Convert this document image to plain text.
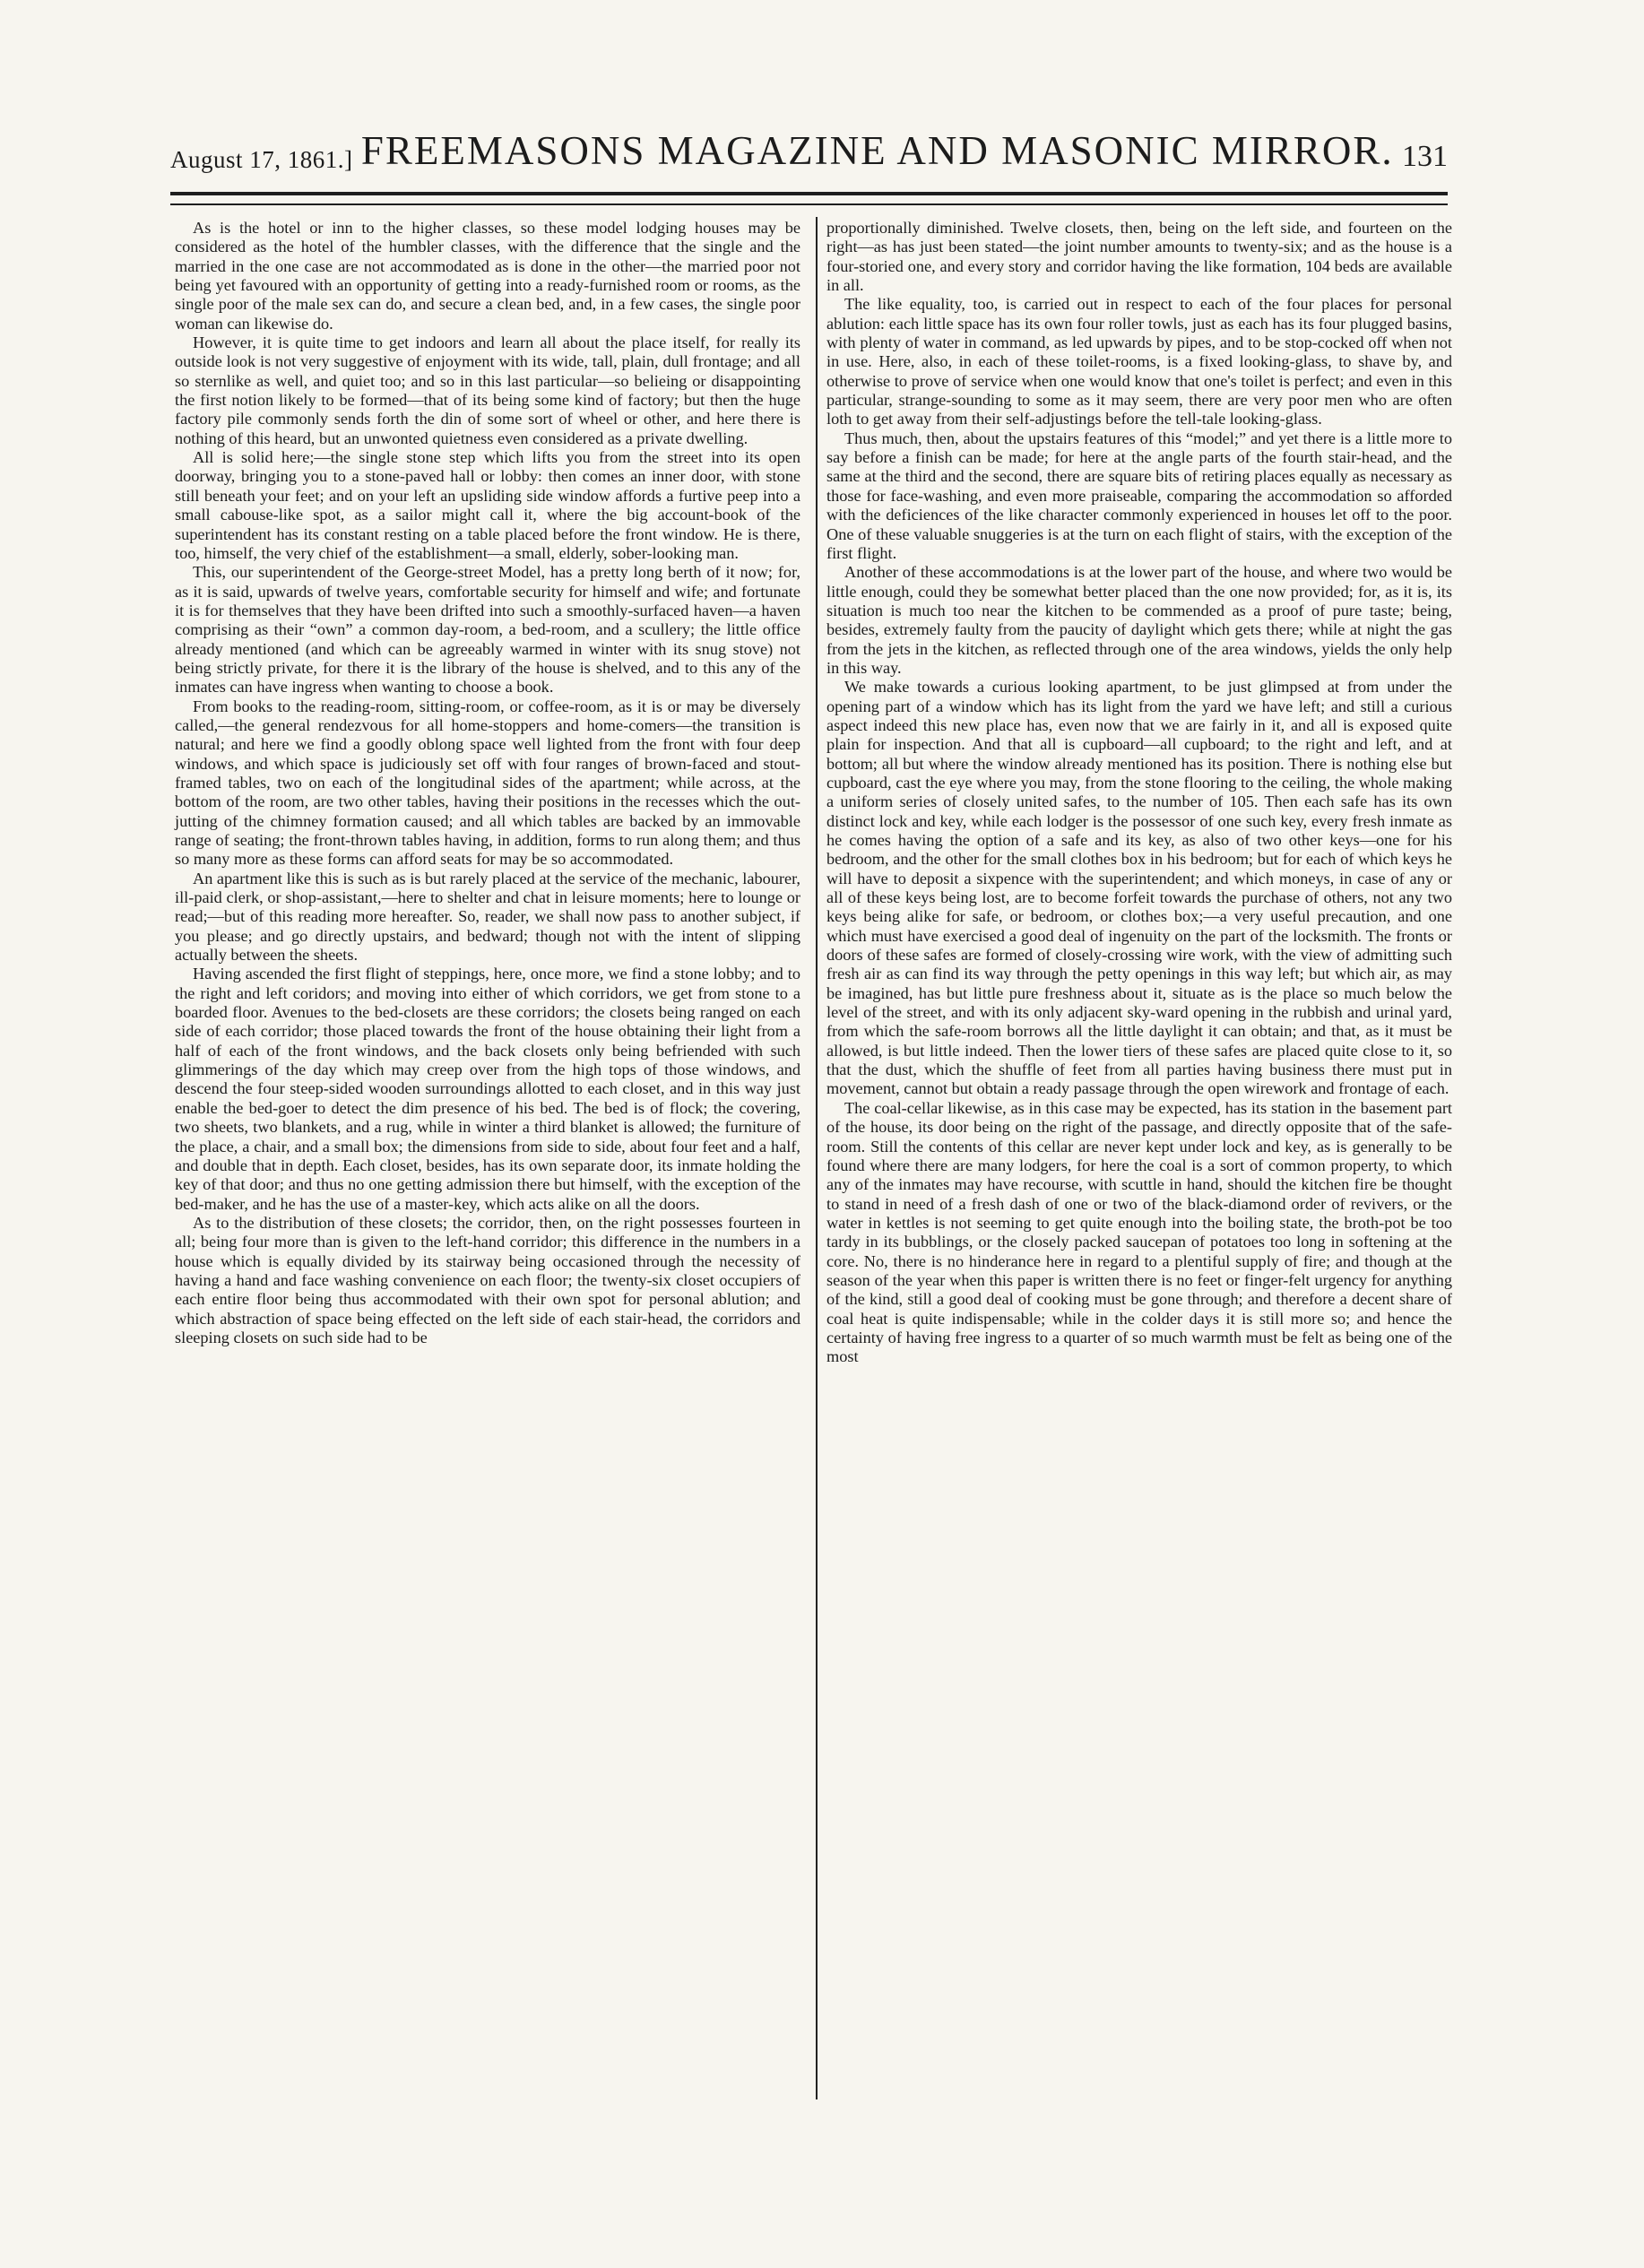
August 17, 1861.] FREEMASONS MAGAZINE AND MASONIC MIRROR. 131

As is the hotel or inn to the higher classes, so these model lodging houses may be considered as the hotel of the humbler classes, with the difference that the single and the married in the one case are not accommodated as is done in the other—the married poor not being yet favoured with an opportunity of getting into a ready-furnished room or rooms, as the single poor of the male sex can do, and secure a clean bed, and, in a few cases, the single poor woman can likewise do.

However, it is quite time to get indoors and learn all about the place itself, for really its outside look is not very suggestive of enjoyment with its wide, tall, plain, dull frontage; and all so sternlike as well, and quiet too; and so in this last particular—so belieing or disappointing the first notion likely to be formed—that of its being some kind of factory; but then the huge factory pile commonly sends forth the din of some sort of wheel or other, and here there is nothing of this heard, but an unwonted quietness even considered as a private dwelling.

All is solid here;—the single stone step which lifts you from the street into its open doorway, bringing you to a stone-paved hall or lobby: then comes an inner door, with stone still beneath your feet; and on your left an upsliding side window affords a furtive peep into a small cabouse-like spot, as a sailor might call it, where the big account-book of the superintendent has its constant resting on a table placed before the front window. He is there, too, himself, the very chief of the establishment—a small, elderly, sober-looking man.

This, our superintendent of the George-street Model, has a pretty long berth of it now; for, as it is said, upwards of twelve years, comfortable security for himself and wife; and fortunate it is for themselves that they have been drifted into such a smoothly-surfaced haven—a haven comprising as their “own” a common day-room, a bed-room, and a scullery; the little office already mentioned (and which can be agreeably warmed in winter with its snug stove) not being strictly private, for there it is the library of the house is shelved, and to this any of the inmates can have ingress when wanting to choose a book.

From books to the reading-room, sitting-room, or coffee-room, as it is or may be diversely called,—the general rendezvous for all home-stoppers and home-comers—the transition is natural; and here we find a goodly oblong space well lighted from the front with four deep windows, and which space is judiciously set off with four ranges of brown-faced and stout-framed tables, two on each of the longitudinal sides of the apartment; while across, at the bottom of the room, are two other tables, having their positions in the recesses which the out-jutting of the chimney formation caused; and all which tables are backed by an immovable range of seating; the front-thrown tables having, in addition, forms to run along them; and thus so many more as these forms can afford seats for may be so accommodated.

An apartment like this is such as is but rarely placed at the service of the mechanic, labourer, ill-paid clerk, or shop-assistant,—here to shelter and chat in leisure moments; here to lounge or read;—but of this reading more hereafter. So, reader, we shall now pass to another subject, if you please; and go directly upstairs, and bedward; though not with the intent of slipping actually between the sheets.

Having ascended the first flight of steppings, here, once more, we find a stone lobby; and to the right and left coridors; and moving into either of which corridors, we get from stone to a boarded floor. Avenues to the bed-closets are these corridors; the closets being ranged on each side of each corridor; those placed towards the front of the house obtaining their light from a half of each of the front windows, and the back closets only being befriended with such glimmerings of the day which may creep over from the high tops of those windows, and descend the four steep-sided wooden surroundings allotted to each closet, and in this way just enable the bed-goer to detect the dim presence of his bed. The bed is of flock; the covering, two sheets, two blankets, and a rug, while in winter a third blanket is allowed; the furniture of the place, a chair, and a small box; the dimensions from side to side, about four feet and a half, and double that in depth. Each closet, besides, has its own separate door, its inmate holding the key of that door; and thus no one getting admission there but himself, with the exception of the bed-maker, and he has the use of a master-key, which acts alike on all the doors.

As to the distribution of these closets; the corridor, then, on the right possesses fourteen in all; being four more than is given to the left-hand corridor; this difference in the numbers in a house which is equally divided by its stairway being occasioned through the necessity of having a hand and face washing convenience on each floor; the twenty-six closet occupiers of each entire floor being thus accommodated with their own spot for personal ablution; and which abstraction of space being effected on the left side of each stair-head, the corridors and sleeping closets on such side had to be

proportionally diminished. Twelve closets, then, being on the left side, and fourteen on the right—as has just been stated—the joint number amounts to twenty-six; and as the house is a four-storied one, and every story and corridor having the like formation, 104 beds are available in all.

The like equality, too, is carried out in respect to each of the four places for personal ablution: each little space has its own four roller towls, just as each has its four plugged basins, with plenty of water in command, as led upwards by pipes, and to be stop-cocked off when not in use. Here, also, in each of these toilet-rooms, is a fixed looking-glass, to shave by, and otherwise to prove of service when one would know that one's toilet is perfect; and even in this particular, strange-sounding to some as it may seem, there are very poor men who are often loth to get away from their self-adjustings before the tell-tale looking-glass.

Thus much, then, about the upstairs features of this “model;” and yet there is a little more to say before a finish can be made; for here at the angle parts of the fourth stair-head, and the same at the third and the second, there are square bits of retiring places equally as necessary as those for face-washing, and even more praiseable, comparing the accommodation so afforded with the deficiences of the like character commonly experienced in houses let off to the poor. One of these valuable snuggeries is at the turn on each flight of stairs, with the exception of the first flight.

Another of these accommodations is at the lower part of the house, and where two would be little enough, could they be somewhat better placed than the one now provided; for, as it is, its situation is much too near the kitchen to be commended as a proof of pure taste; being, besides, extremely faulty from the paucity of daylight which gets there; while at night the gas from the jets in the kitchen, as reflected through one of the area windows, yields the only help in this way.

We make towards a curious looking apartment, to be just glimpsed at from under the opening part of a window which has its light from the yard we have left; and still a curious aspect indeed this new place has, even now that we are fairly in it, and all is exposed quite plain for inspection. And that all is cupboard—all cupboard; to the right and left, and at bottom; all but where the window already mentioned has its position. There is nothing else but cupboard, cast the eye where you may, from the stone flooring to the ceiling, the whole making a uniform series of closely united safes, to the number of 105. Then each safe has its own distinct lock and key, while each lodger is the possessor of one such key, every fresh inmate as he comes having the option of a safe and its key, as also of two other keys—one for his bedroom, and the other for the small clothes box in his bedroom; but for each of which keys he will have to deposit a sixpence with the superintendent; and which moneys, in case of any or all of these keys being lost, are to become forfeit towards the purchase of others, not any two keys being alike for safe, or bedroom, or clothes box;—a very useful precaution, and one which must have exercised a good deal of ingenuity on the part of the locksmith. The fronts or doors of these safes are formed of closely-crossing wire work, with the view of admitting such fresh air as can find its way through the petty openings in this way left; but which air, as may be imagined, has but little pure freshness about it, situate as is the place so much below the level of the street, and with its only adjacent sky-ward opening in the rubbish and urinal yard, from which the safe-room borrows all the little daylight it can obtain; and that, as it must be allowed, is but little indeed. Then the lower tiers of these safes are placed quite close to it, so that the dust, which the shuffle of feet from all parties having business there must put in movement, cannot but obtain a ready passage through the open wirework and frontage of each.

The coal-cellar likewise, as in this case may be expected, has its station in the basement part of the house, its door being on the right of the passage, and directly opposite that of the safe-room. Still the contents of this cellar are never kept under lock and key, as is generally to be found where there are many lodgers, for here the coal is a sort of common property, to which any of the inmates may have recourse, with scuttle in hand, should the kitchen fire be thought to stand in need of a fresh dash of one or two of the black-diamond order of revivers, or the water in kettles is not seeming to get quite enough into the boiling state, the broth-pot be too tardy in its bubblings, or the closely packed saucepan of potatoes too long in softening at the core. No, there is no hinderance here in regard to a plentiful supply of fire; and though at the season of the year when this paper is written there is no feet or finger-felt urgency for anything of the kind, still a good deal of cooking must be gone through; and therefore a decent share of coal heat is quite indispensable; while in the colder days it is still more so; and hence the certainty of having free ingress to a quarter of so much warmth must be felt as being one of the most
